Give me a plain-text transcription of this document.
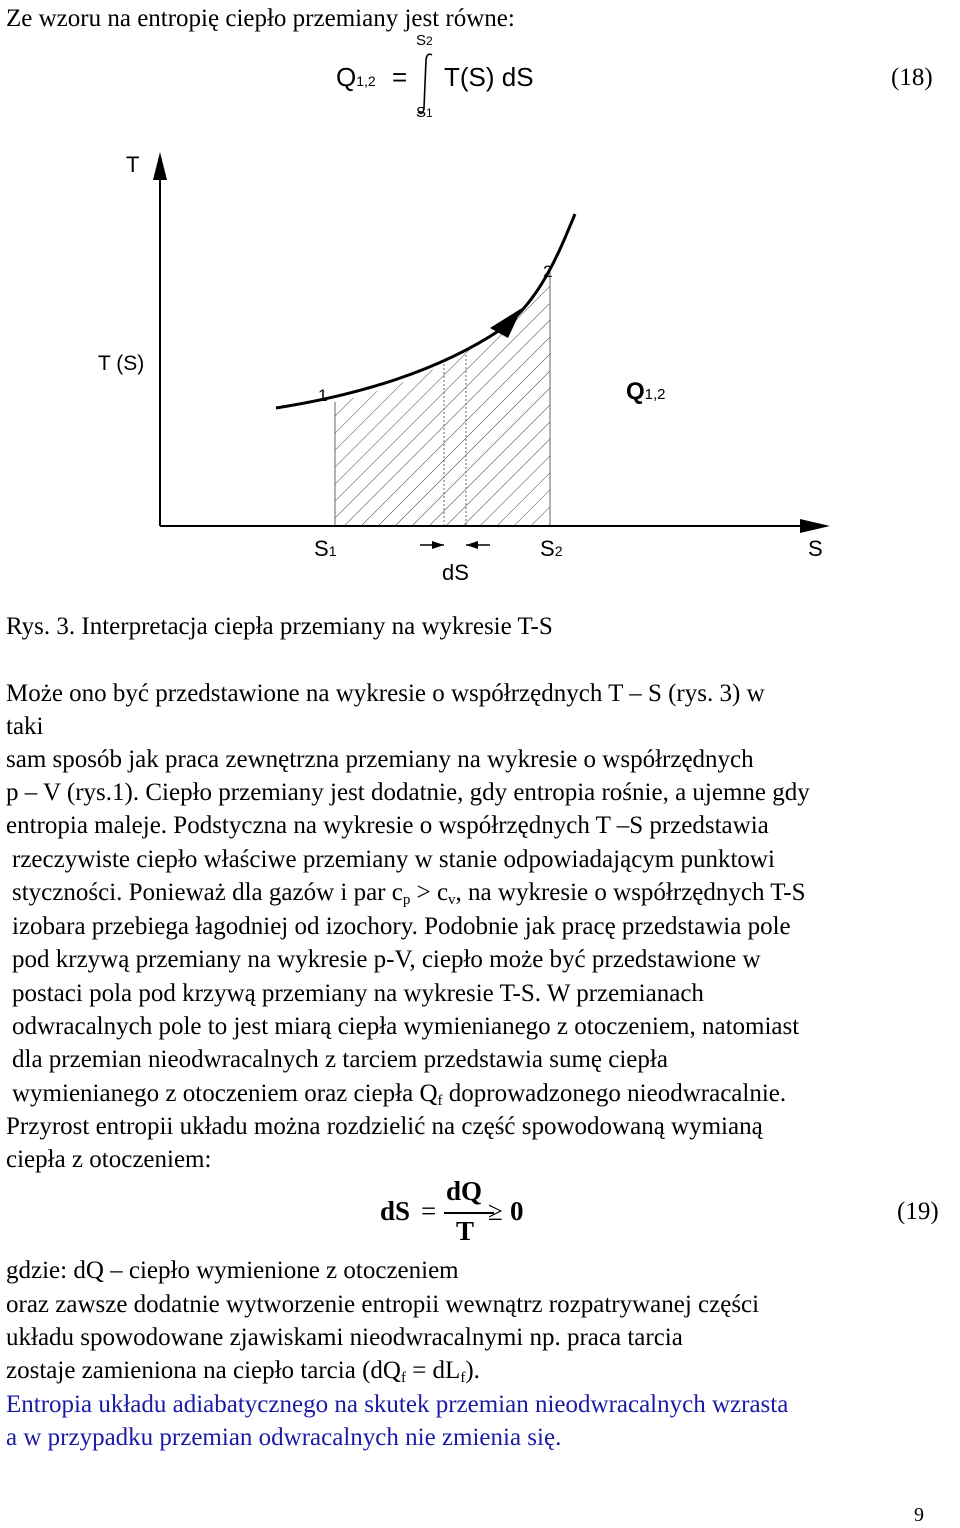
Ze wzoru na entropię ciepło przemiany jest równe:
Q1,2 =
S2
S1
T(S) dS	(18)
T
T (S)
1
2
Q1,2
S1	S2
dS
S
Rys. 3. Interpretacja ciepła przemiany na wykresie T-S
Może ono być przedstawione na wykresie o współrzędnych T – S (rys. 3) w
taki
sam sposób jak praca zewnętrzna przemiany na wykresie o współrzędnych
p – V (rys.1). Ciepło przemiany jest dodatnie, gdy entropia rośnie, a ujemne gdy
entropia maleje. Podstyczna na wykresie o współrzędnych T –S przedstawia
rzeczywiste ciepło właściwe przemiany w stanie odpowiadającym punktowi
styczności. Ponieważ dla gazów i par $c_p > c_v$, na wykresie o współrzędnych T-S
izobara przebiega łagodniej od izochory. Podobnie jak pracę przedstawia pole
pod krzywą przemiany na wykresie p-V, ciepło może być przedstawione w
postaci pola pod krzywą przemiany na wykresie T-S. W przemianach
odwracalnych pole to jest miarą ciepła wymienianego z otoczeniem, natomiast
dla przemian nieodwracalnych z tarciem przedstawia sumę ciepła
wymienianego z otoczeniem oraz ciepła $Q_f$ doprowadzonego nieodwracalnie.
Przyrost entropii układu można rozdzielić na część spowodowaną wymianą
ciepła z otoczeniem:
dS =
dQ
T
≥ 0	(19)
gdzie: dQ – ciepło wymienione z otoczeniem
oraz zawsze dodatnie wytworzenie entropii wewnątrz rozpatrywanej części
układu spowodowane zjawiskami nieodwracalnymi np. praca tarcia
zostaje zamieniona na ciepło tarcia $(dQ_f = dL_f)$.
Entropia układu adiabatycznego na skutek przemian nieodwracalnych wzrasta
a w przypadku przemian odwracalnych nie zmienia się.
9
